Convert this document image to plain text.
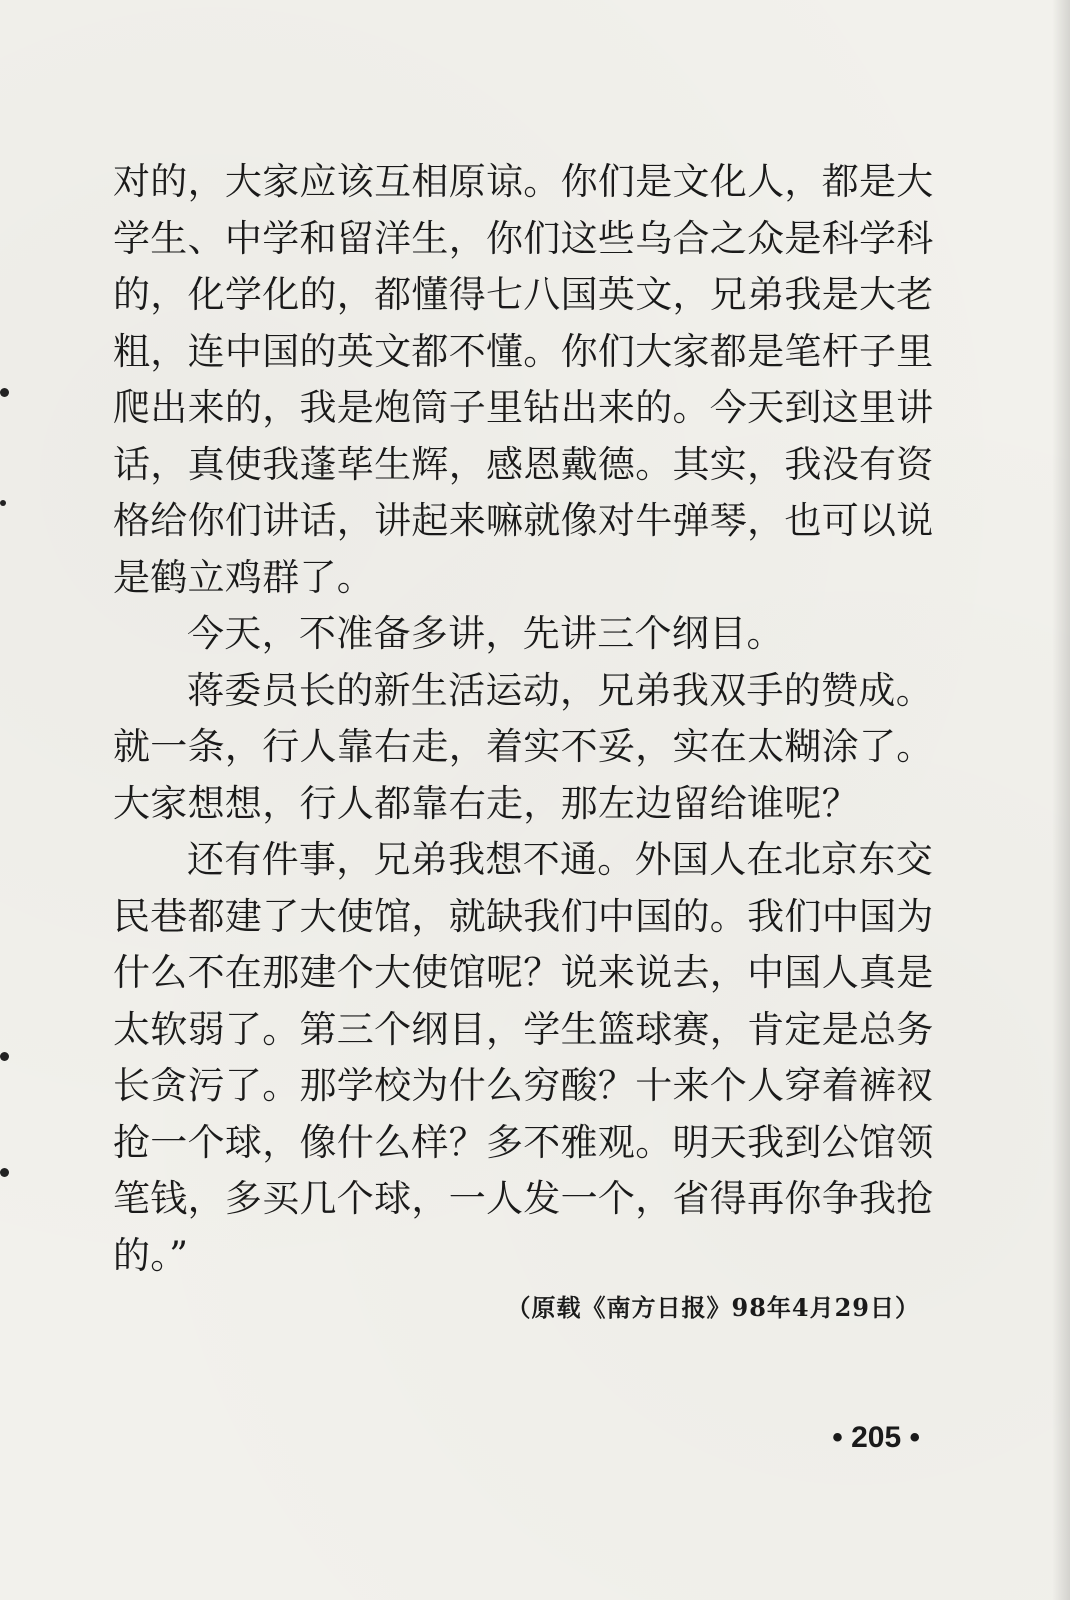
对的，大家应该互相原谅。你们是文化人，都是大
学生、中学和留洋生，你们这些乌合之众是科学科
的，化学化的，都懂得七八国英文，兄弟我是大老
粗，连中国的英文都不懂。你们大家都是笔杆子里
爬出来的，我是炮筒子里钻出来的。今天到这里讲
话，真使我蓬荜生辉，感恩戴德。其实，我没有资
格给你们讲话，讲起来嘛就像对牛弹琴，也可以说
是鹤立鸡群了。
今天，不准备多讲，先讲三个纲目。
蒋委员长的新生活运动，兄弟我双手的赞成。
就一条，行人靠右走，着实不妥，实在太糊涂了。
大家想想，行人都靠右走，那左边留给谁呢？
还有件事，兄弟我想不通。外国人在北京东交
民巷都建了大使馆，就缺我们中国的。我们中国为
什么不在那建个大使馆呢？说来说去，中国人真是
太软弱了。第三个纲目，学生篮球赛，肯定是总务
长贪污了。那学校为什么穷酸？十来个人穿着裤衩
抢一个球，像什么样？多不雅观。明天我到公馆领
笔钱，多买几个球，一人发一个，省得再你争我抢
的。”
（原载《南方日报》98年4月29日）
• 205 •
